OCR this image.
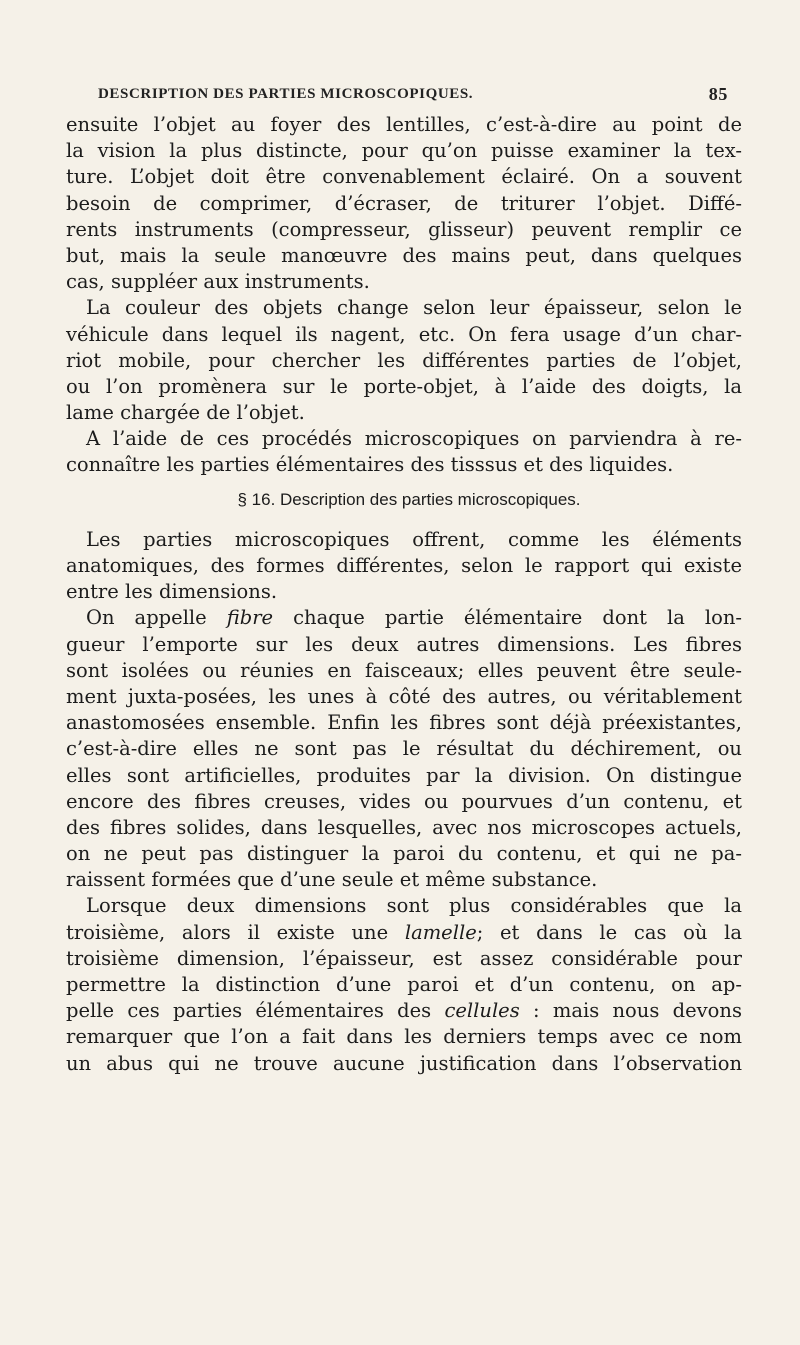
DESCRIPTION DES PARTIES MICROSCOPIQUES.	85
ensuite l’objet au foyer des lentilles, c’est-à-dire au point de
la vision la plus distincte, pour qu’on puisse examiner la tex-
ture. L’objet doit être convenablement éclairé. On a souvent
besoin de comprimer, d’écraser, de triturer l’objet. Diffé-
rents instruments (compresseur, glisseur) peuvent remplir ce
but, mais la seule manœuvre des mains peut, dans quelques
cas, suppléer aux instruments.
La couleur des objets change selon leur épaisseur, selon le
véhicule dans lequel ils nagent, etc. On fera usage d’un char-
riot mobile, pour chercher les différentes parties de l’objet,
ou l’on promènera sur le porte-objet, à l’aide des doigts, la
lame chargée de l’objet.
A l’aide de ces procédés microscopiques on parviendra à re-
connaître les parties élémentaires des tisssus et des liquides.
§ 16. Description des parties microscopiques.
Les parties microscopiques offrent, comme les éléments
anatomiques, des formes différentes, selon le rapport qui existe
entre les dimensions.
On appelle fibre chaque partie élémentaire dont la lon-
gueur l’emporte sur les deux autres dimensions. Les fibres
sont isolées ou réunies en faisceaux; elles peuvent être seule-
ment juxta-posées, les unes à côté des autres, ou véritablement
anastomosées ensemble. Enfin les fibres sont déjà préexistantes,
c’est-à-dire elles ne sont pas le résultat du déchirement, ou
elles sont artificielles, produites par la division. On distingue
encore des fibres creuses, vides ou pourvues d’un contenu, et
des fibres solides, dans lesquelles, avec nos microscopes actuels,
on ne peut pas distinguer la paroi du contenu, et qui ne pa-
raissent formées que d’une seule et même substance.
Lorsque deux dimensions sont plus considérables que la
troisième, alors il existe une lamelle; et dans le cas où la
troisième dimension, l’épaisseur, est assez considérable pour
permettre la distinction d’une paroi et d’un contenu, on ap-
pelle ces parties élémentaires des cellules : mais nous devons
remarquer que l’on a fait dans les derniers temps avec ce nom
un abus qui ne trouve aucune justification dans l’observation
